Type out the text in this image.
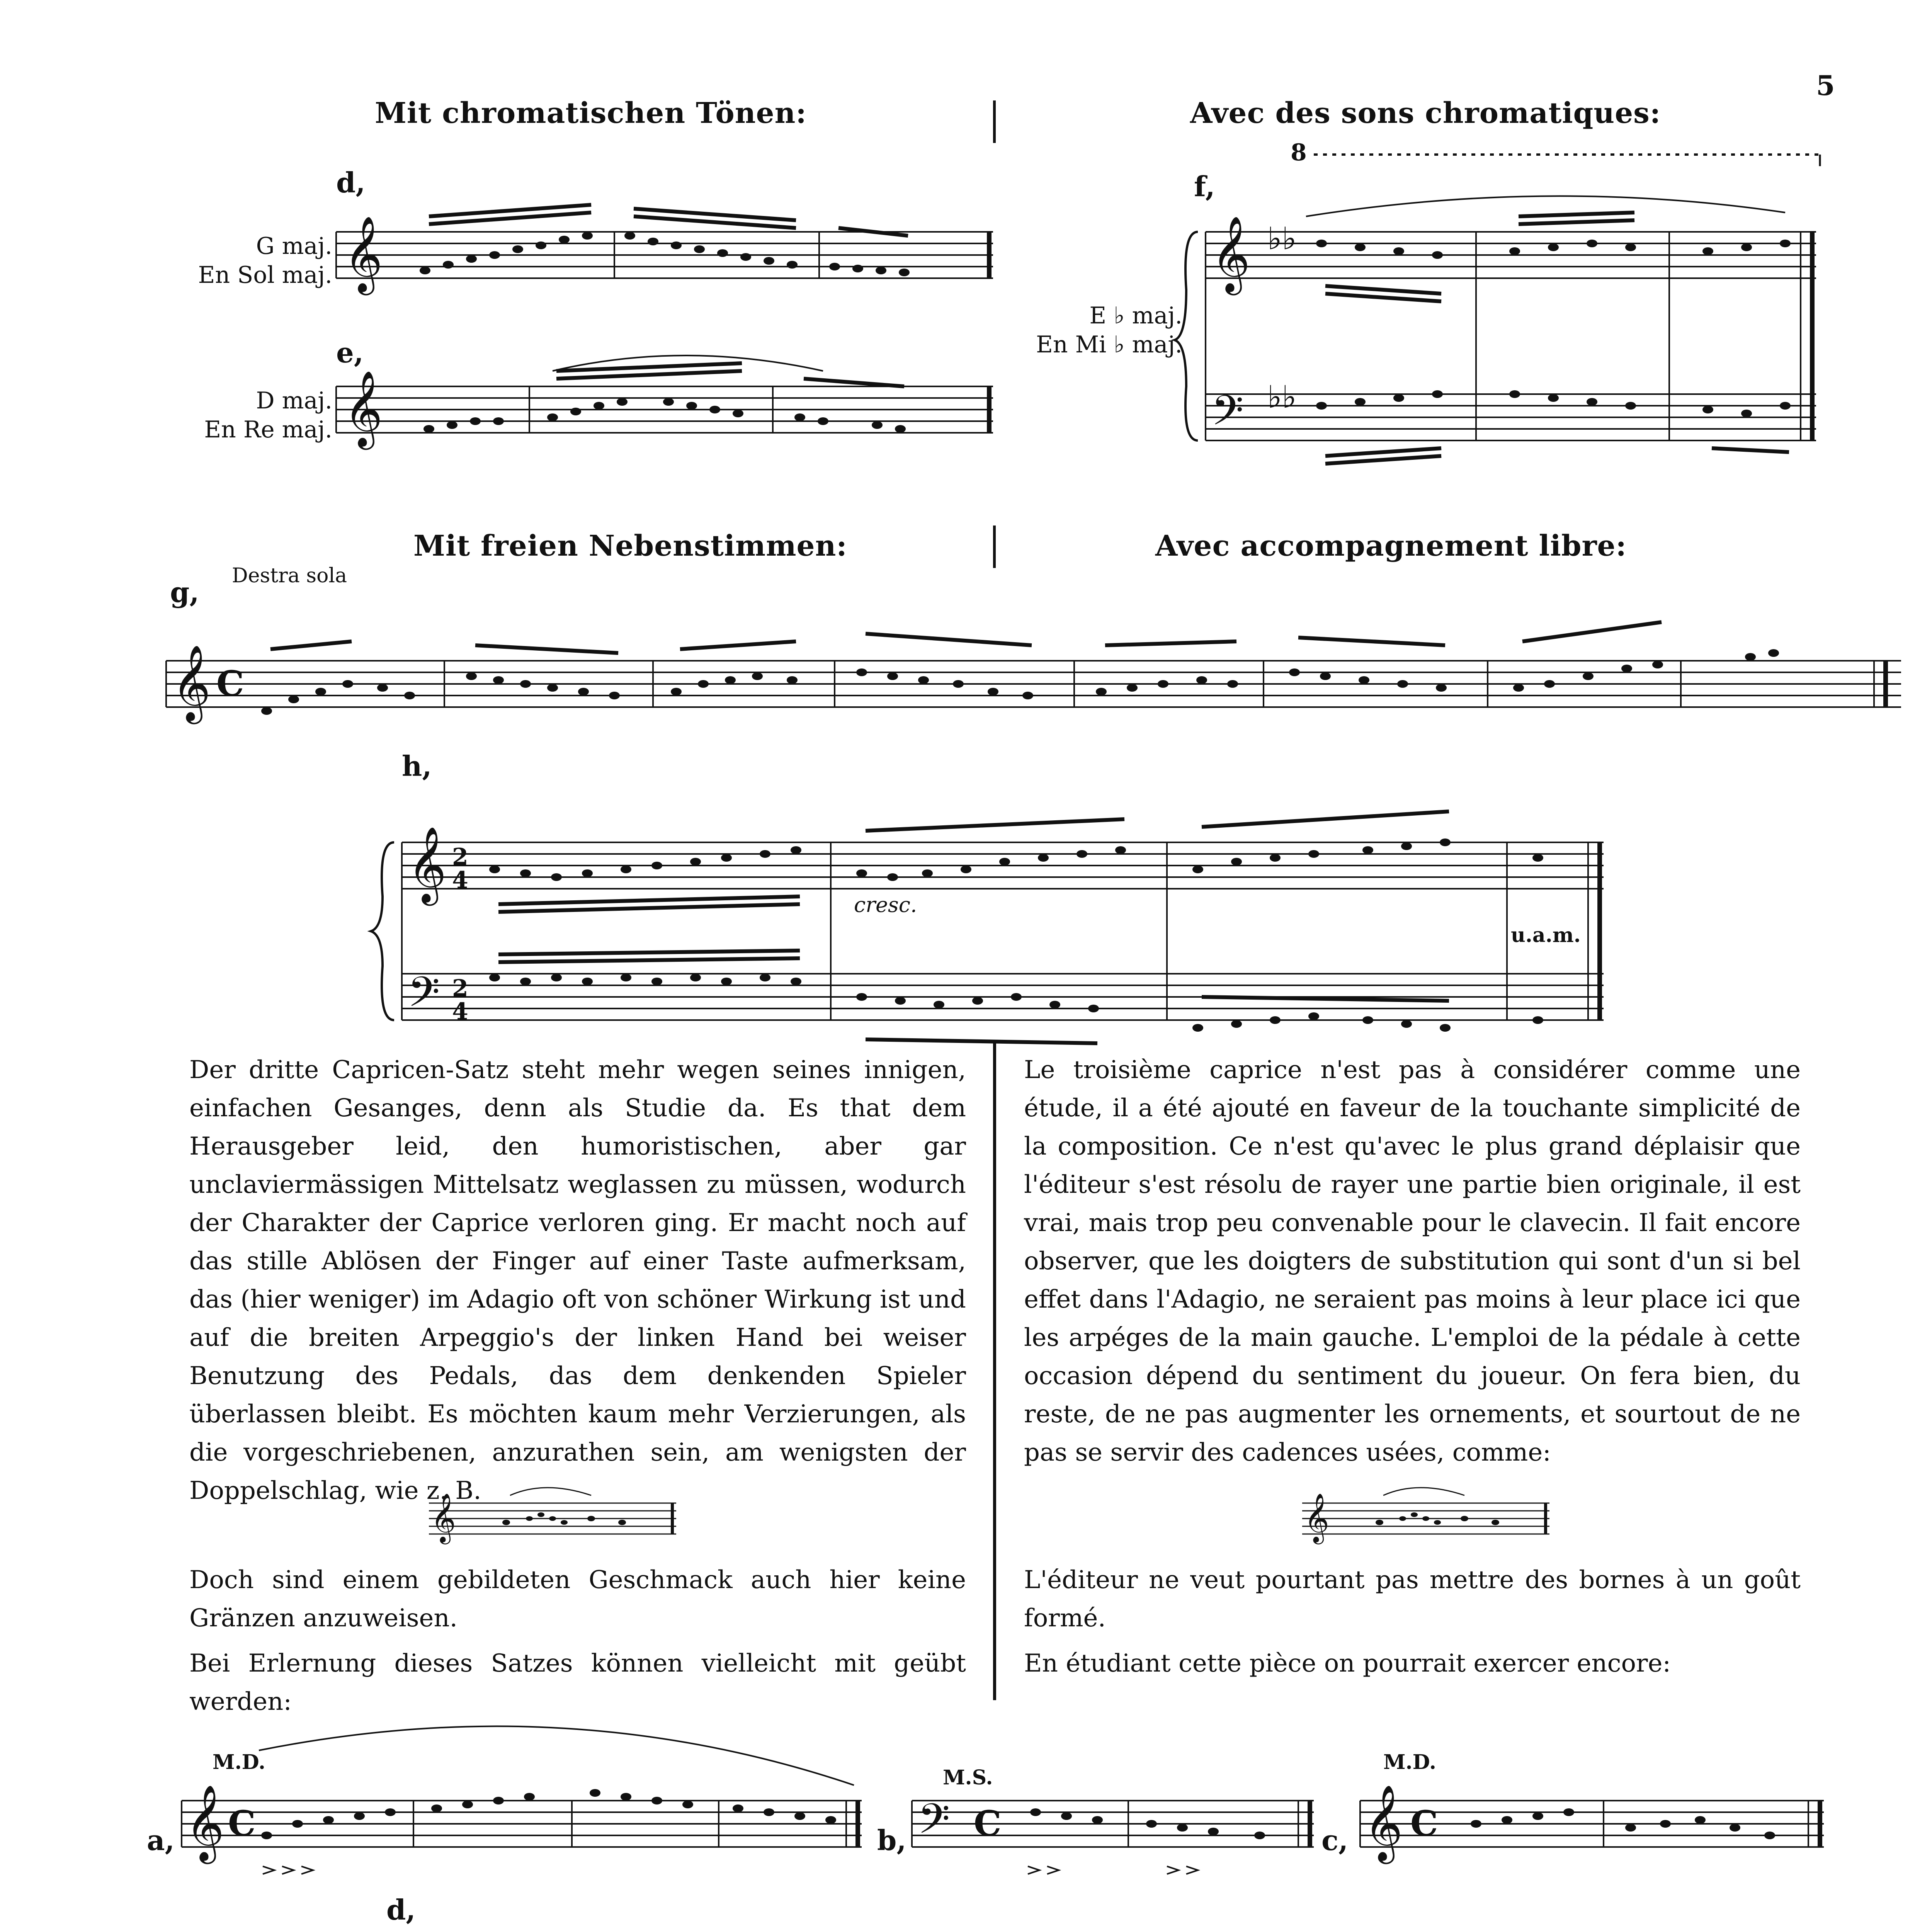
5
Mit chromatischen Tönen:	Avec des sons chromatiques:
d,
G maj.
En Sol maj.
e,
D maj.
En Re maj.
𝄞
𝄞
f,
8
E ♭ maj.
En Mi ♭ maj.
𝄞
𝄢
♭♭
♭♭
Mit freien Nebenstimmen:	Avec accompagnement libre:
g, Destra sola
𝄞 C
h,
𝄞
𝄢
2
4
2
4
cresc.
u.a.m.

Der dritte Capricen-Satz steht mehr wegen seines innigen, einfachen Gesanges, denn als Studie da. Es that dem Herausgeber leid, den humoristischen, aber gar unclaviermässigen Mittelsatz weglassen zu müssen, wodurch der Charakter der Caprice verloren ging. Er macht noch auf das stille Ablösen der Finger auf einer Taste aufmerksam, das (hier weniger) im Adagio oft von schöner Wirkung ist und auf die breiten Arpeggio's der linken Hand bei weiser Benutzung des Pedals, das dem denkenden Spieler überlassen bleibt. Es möchten kaum mehr Verzierungen, als die vorgeschriebenen, anzurathen sein, am wenigsten der Doppelschlag, wie z. B.

Le troisième caprice n'est pas à considérer comme une étude, il a été ajouté en faveur de la touchante simplicité de la composition. Ce n'est qu'avec le plus grand déplaisir que l'éditeur s'est résolu de rayer une partie bien originale, il est vrai, mais trop peu convenable pour le clavecin. Il fait encore observer, que les doigters de substitution qui sont d'un si bel effet dans l'Adagio, ne seraient pas moins à leur place ici que les arpéges de la main gauche. L'emploi de la pédale à cette occasion dépend du sentiment du joueur. On fera bien, du reste, de ne pas augmenter les ornements, et sourtout de ne pas se servir des cadences usées, comme:

𝄞	𝄞

Doch sind einem gebildeten Geschmack auch hier keine Gränzen anzuweisen.

Bei Erlernung dieses Satzes können vielleicht mit geübt werden:

L'éditeur ne veut pourtant pas mettre des bornes à un goût formé.

En étudiant cette pièce on pourrait exercer encore:

a,
M.D.
𝄞 C	b,
M.S.
𝄢 C	c,
M.D.
𝄞 C
d,
